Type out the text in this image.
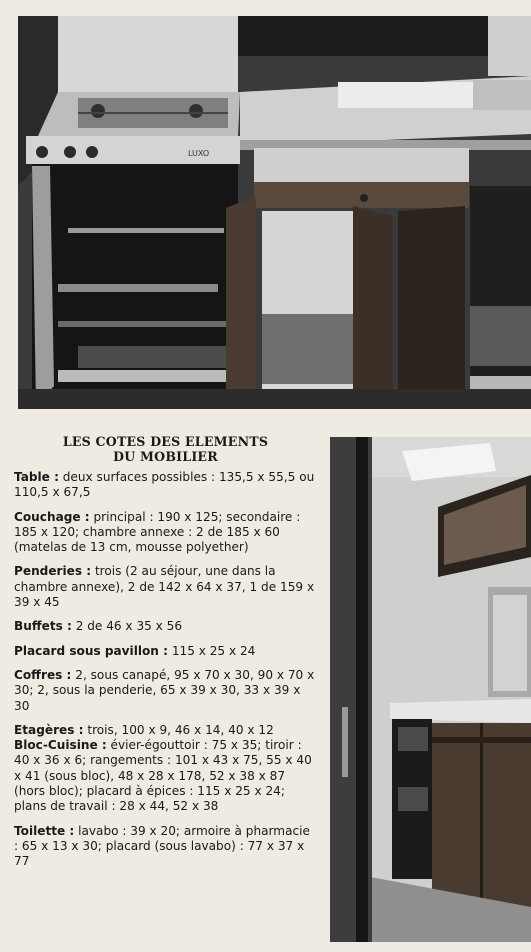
LUXO
LES COTES DES ELEMENTS
DU MOBILIER
Table : deux surfaces possibles : 135,5 x 55,5 ou 110,5 x 67,5
Couchage : principal : 190 x 125; secondaire : 185 x 120; chambre annexe : 2 de 185 x 60 (matelas de 13 cm, mousse polyether)
Penderies : trois (2 au séjour, une dans la chambre annexe), 2 de 142 x 64 x 37, 1 de 159 x 39 x 45
Buffets : 2 de 46 x 35 x 56
Placard sous pavillon : 115 x 25 x 24
Coffres : 2, sous canapé, 95 x 70 x 30, 90 x 70 x 30; 2, sous la penderie, 65 x 39 x 30, 33 x 39 x 30
Etagères : trois, 100 x 9, 46 x 14, 40 x 12
Bloc-Cuisine : évier-égouttoir : 75 x 35; tiroir : 40 x 36 x 6; rangements : 101 x 43 x 75, 55 x 40 x 41 (sous bloc), 48 x 28 x 178, 52 x 38 x 87 (hors bloc); placard à épices : 115 x 25 x 24; plans de travail : 28 x 44, 52 x 38
Toilette : lavabo : 39 x 20; armoire à pharmacie : 65 x 13 x 30; placard (sous lavabo) : 77 x 37 x 77
